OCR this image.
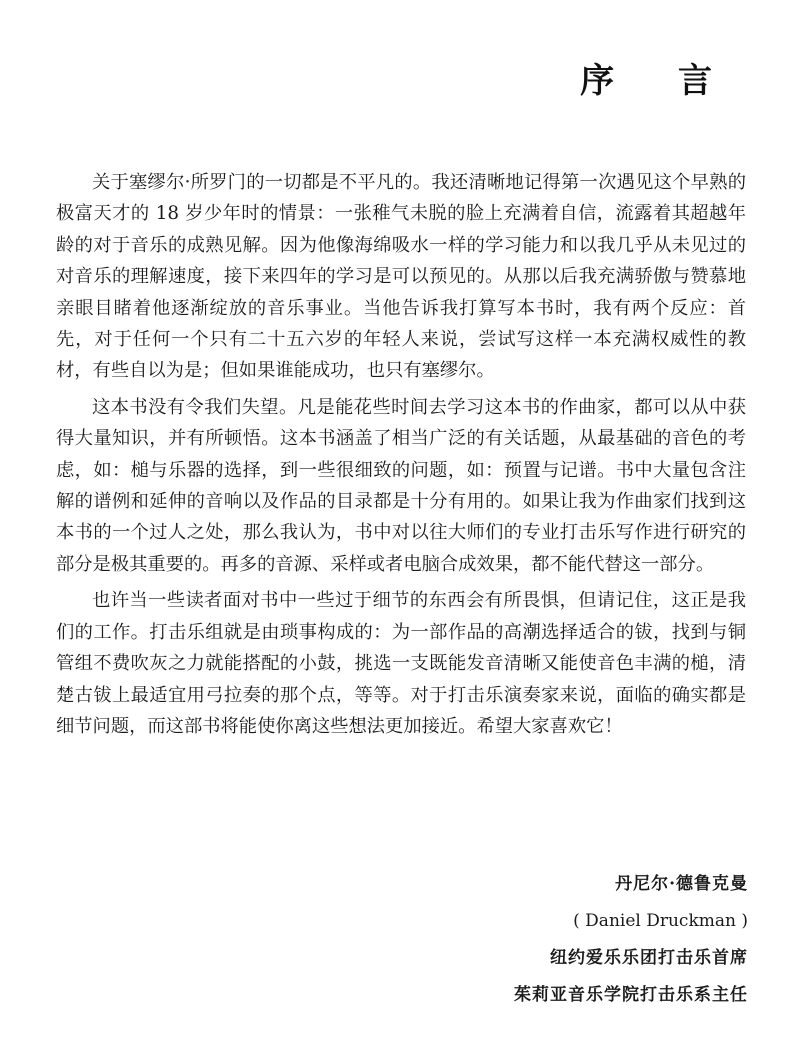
序 言

关于塞缪尔·所罗门的一切都是不平凡的。我还清晰地记得第一次遇见这个早熟的极富天才的 18 岁少年时的情景：一张稚气未脱的脸上充满着自信，流露着其超越年龄的对于音乐的成熟见解。因为他像海绵吸水一样的学习能力和以我几乎从未见过的对音乐的理解速度，接下来四年的学习是可以预见的。从那以后我充满骄傲与赞慕地亲眼目睹着他逐渐绽放的音乐事业。当他告诉我打算写本书时，我有两个反应：首先，对于任何一个只有二十五六岁的年轻人来说，尝试写这样一本充满权威性的教材，有些自以为是；但如果谁能成功，也只有塞缪尔。

这本书没有令我们失望。凡是能花些时间去学习这本书的作曲家，都可以从中获得大量知识，并有所顿悟。这本书涵盖了相当广泛的有关话题，从最基础的音色的考虑，如：槌与乐器的选择，到一些很细致的问题，如：预置与记谱。书中大量包含注解的谱例和延伸的音响以及作品的目录都是十分有用的。如果让我为作曲家们找到这本书的一个过人之处，那么我认为，书中对以往大师们的专业打击乐写作进行研究的部分是极其重要的。再多的音源、采样或者电脑合成效果，都不能代替这一部分。

也许当一些读者面对书中一些过于细节的东西会有所畏惧，但请记住，这正是我们的工作。打击乐组就是由琐事构成的：为一部作品的高潮选择适合的钹，找到与铜管组不费吹灰之力就能搭配的小鼓，挑选一支既能发音清晰又能使音色丰满的槌，清楚古钹上最适宜用弓拉奏的那个点，等等。对于打击乐演奏家来说，面临的确实都是细节问题，而这部书将能使你离这些想法更加接近。希望大家喜欢它！

丹尼尔·德鲁克曼

( Daniel Druckman )

纽约爱乐乐团打击乐首席

茱莉亚音乐学院打击乐系主任
